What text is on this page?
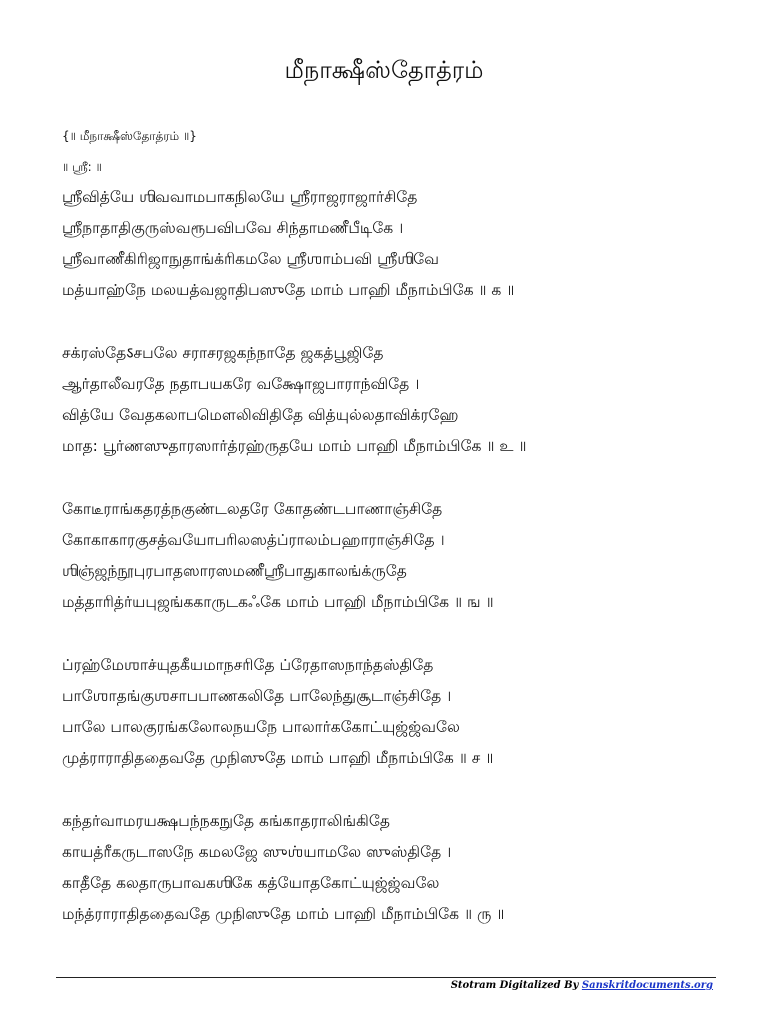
மீநாக்ஷீஸ்தோத்ரம்
{॥ மீநாக்ஷீஸ்தோத்ரம் ॥}
॥ ஶ்ரீ꞉ ॥
ஶ்ரீவித்யே ஶிவவாமபாகநிலயே ஶ்ரீராஜராஜார்சிதே
ஶ்ரீநாதாதிகுருஸ்வரூபவிபவே சிந்தாமணீபீடிகே ।
ஶ்ரீவாணீகிரிஜாநுதாங்க்ரிகமலே ஶ்ரீஶாம்பவி ஶ்ரீஶிவே
மத்யாஹ்நே மலயத்வஜாதிபஸுதே மாம் பாஹி மீநாம்பிகே ॥ க ॥
சக்ரஸ்தேऽசபலே சராசரஜகந்நாதே ஜகத்பூஜிதே
ஆர்தாலீவரதே நதாபயகரே வக்ஷோஜபாராந்விதே ।
வித்யே வேதகலாபமௌலிவிதிதே வித்யுல்லதாவிக்ரஹே
மாத꞉ பூர்ணஸுதாரஸார்த்ரஹ்ருதயே மாம் பாஹி மீநாம்பிகே ॥ உ ॥
கோடீராங்கதரத்நகுண்டலதரே கோதண்டபாணாஞ்சிதே
கோகாகாரகுசத்வயோபரிலஸத்ப்ராலம்பஹாராஞ்சிதே ।
ஶிஞ்ஜந்நூபுரபாதஸாரஸமணீஶ்ரீபாதுகாலங்க்ருதே
மத்தாரித்ர்யபுஜங்ககாருடகஃகே மாம் பாஹி மீநாம்பிகே ॥ ங ॥
ப்ரஹ்மேஶாச்யுதகீயமாநசரிதே ப்ரேதாஸநாந்தஸ்திதே
பாஶோதங்குஶசாபபாணகலிதே பாலேந்துசூடாஞ்சிதே ।
பாலே பாலகுரங்கலோலநயநே பாலார்ககோட்யுஜ்ஜ்வலே
முத்ராராதிததைவதே முநிஸுதே மாம் பாஹி மீநாம்பிகே ॥ ச ॥
கந்தர்வாமரயக்ஷபந்நகநுதே கங்காதராலிங்கிதே
காயத்ரீகருடாஸநே கமலஜே ஸுஶ்யாமலே ஸுஸ்திதே ।
காதீதே கலதாருபாவகஶிகே கத்யோதகோட்யுஜ்ஜ்வலே
மந்த்ராராதிததைவதே முநிஸுதே மாம் பாஹி மீநாம்பிகே ॥ ரு ॥
Stotram Digitalized By Sanskritdocuments.org
